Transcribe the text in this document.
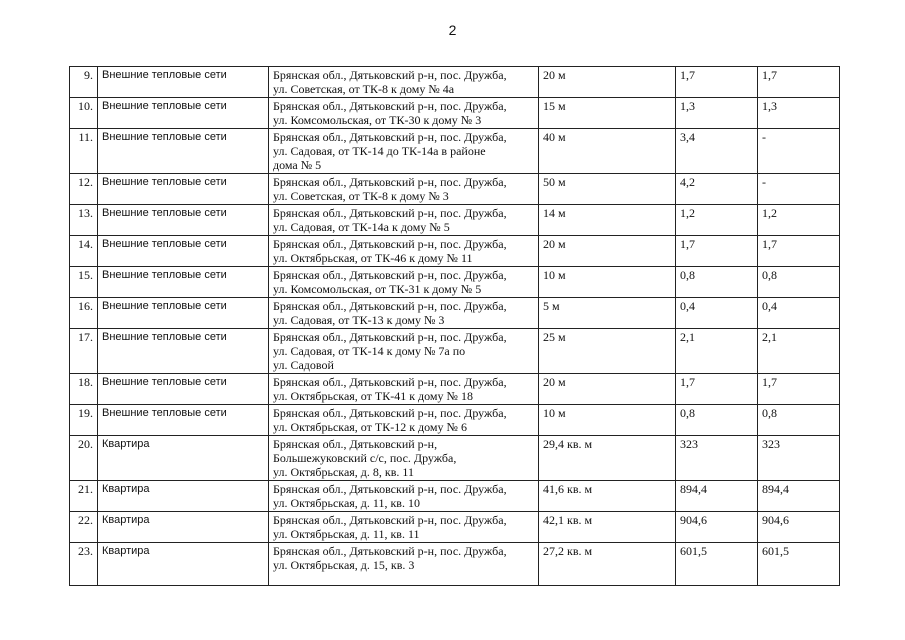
2
9.	Внешние тепловые сети	Брянская обл., Дятьковский р-н, пос. Дружба,
ул. Советская, от ТК-8 к дому № 4а	20 м	1,7	1,7
10.	Внешние тепловые сети	Брянская обл., Дятьковский р-н, пос. Дружба,
ул. Комсомольская, от ТК-30 к дому № 3	15 м	1,3	1,3
11.	Внешние тепловые сети	Брянская обл., Дятьковский р-н, пос. Дружба,
ул. Садовая, от ТК-14 до ТК-14а в районе
дома № 5	40 м	3,4	-
12.	Внешние тепловые сети	Брянская обл., Дятьковский р-н, пос. Дружба,
ул. Советская, от ТК-8 к дому № 3	50 м	4,2	-
13.	Внешние тепловые сети	Брянская обл., Дятьковский р-н, пос. Дружба,
ул. Садовая, от ТК-14а к дому № 5	14 м	1,2	1,2
14.	Внешние тепловые сети	Брянская обл., Дятьковский р-н, пос. Дружба,
ул. Октябрьская, от ТК-46 к дому № 11	20 м	1,7	1,7
15.	Внешние тепловые сети	Брянская обл., Дятьковский р-н, пос. Дружба,
ул. Комсомольская, от ТК-31 к дому № 5	10 м	0,8	0,8
16.	Внешние тепловые сети	Брянская обл., Дятьковский р-н, пос. Дружба,
ул. Садовая, от ТК-13 к дому № 3	5 м	0,4	0,4
17.	Внешние тепловые сети	Брянская обл., Дятьковский р-н, пос. Дружба,
ул. Садовая, от ТК-14 к дому № 7а по
ул. Садовой	25 м	2,1	2,1
18.	Внешние тепловые сети	Брянская обл., Дятьковский р-н, пос. Дружба,
ул. Октябрьская, от ТК-41 к дому № 18	20 м	1,7	1,7
19.	Внешние тепловые сети	Брянская обл., Дятьковский р-н, пос. Дружба,
ул. Октябрьская, от ТК-12 к дому № 6	10 м	0,8	0,8
20.	Квартира	Брянская обл., Дятьковский р-н,
Большежуковский с/с, пос. Дружба,
ул. Октябрьская, д. 8, кв. 11	29,4 кв. м	323	323
21.	Квартира	Брянская обл., Дятьковский р-н, пос. Дружба,
ул. Октябрьская, д. 11, кв. 10	41,6 кв. м	894,4	894,4
22.	Квартира	Брянская обл., Дятьковский р-н, пос. Дружба,
ул. Октябрьская, д. 11, кв. 11	42,1 кв. м	904,6	904,6
23.	Квартира	Брянская обл., Дятьковский р-н, пос. Дружба,
ул. Октябрьская, д. 15, кв. 3	27,2 кв. м	601,5	601,5
